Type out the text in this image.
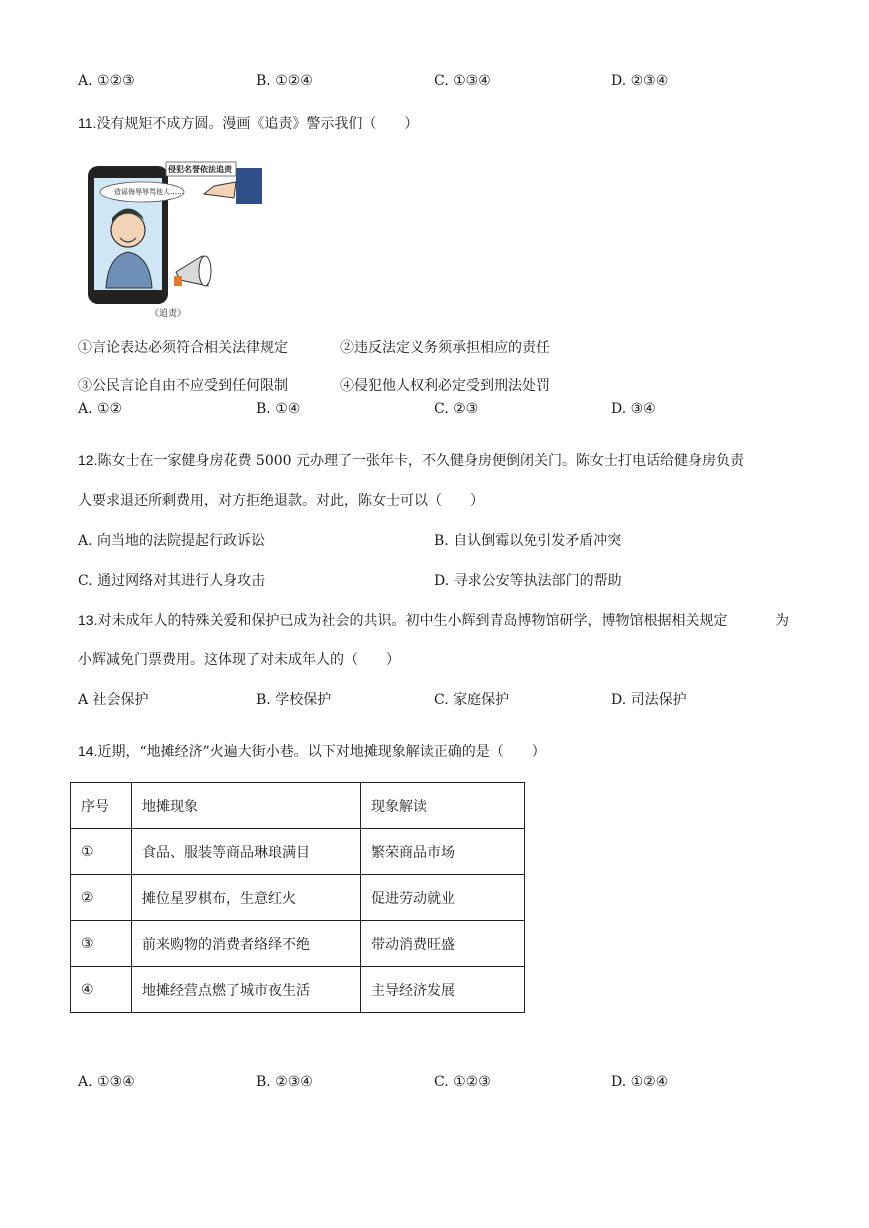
A. ①②③	B. ①②④	C. ①③④	D. ②③④
11.没有规矩不成方圆。漫画《追责》警示我们（　　）
侵犯名誉依法追责
造谣侮辱辱骂他人……
《追责》
①言论表达必须符合相关法律规定	②违反法定义务须承担相应的责任
③公民言论自由不应受到任何限制	④侵犯他人权利必定受到刑法处罚
A. ①②	B. ①④	C. ②③	D. ③④
12.陈女士在一家健身房花费 5000 元办理了一张年卡，不久健身房便倒闭关门。陈女士打电话给健身房负责
人要求退还所剩费用，对方拒绝退款。对此，陈女士可以（　　）
A. 向当地的法院提起行政诉讼	B. 自认倒霉以免引发矛盾冲突
C. 通过网络对其进行人身攻击	D. 寻求公安等执法部门的帮助
13.对未成年人的特殊关爱和保护已成为社会的共识。初中生小辉到青岛博物馆研学，博物馆根据相关规定	为
小辉减免门票费用。这体现了对未成年人的（　　）
A 社会保护	B. 学校保护	C. 家庭保护	D. 司法保护
14.近期，“地摊经济”火遍大街小巷。以下对地摊现象解读正确的是（　　）
序号	地摊现象	现象解读
①	食品、服装等商品琳琅满目	繁荣商品市场
②	摊位星罗棋布，生意红火	促进劳动就业
③	前来购物的消费者络绎不绝	带动消费旺盛
④	地摊经营点燃了城市夜生活	主导经济发展
A. ①③④	B. ②③④	C. ①②③	D. ①②④
